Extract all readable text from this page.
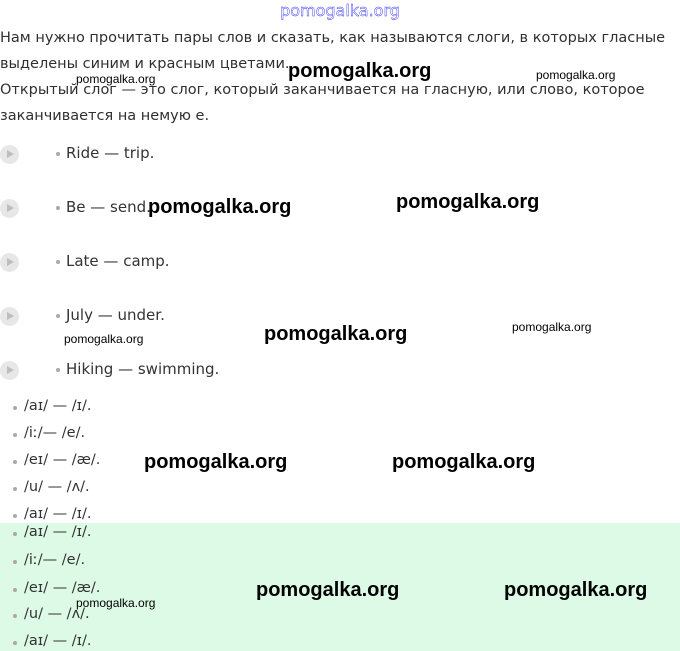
pomogalka.org
Нам нужно прочитать пары слов и сказать, как называются слоги, в которых гласные
выделены синим и красным цветами.
Открытый слог — это слог, который заканчивается на гласную, или слово, которое
заканчивается на немую е.
Ride — trip.
Be — send.
Late — camp.
July — under.
Hiking — swimming.
/aɪ/ — /ɪ/.
/iː/— /e/.
/eɪ/ — /æ/.
/u/ — /ʌ/.
/aɪ/ — /ɪ/.
/aɪ/ — /ɪ/.
/iː/— /e/.
/eɪ/ — /æ/.
/u/ — /ʌ/.
/aɪ/ — /ɪ/.
pomogalka.org	pomogalka.org
pomogalka.org
pomogalka.org	pomogalka.org
pomogalka.org	pomogalka.org
pomogalka.org
pomogalka.org	pomogalka.org
pomogalka.org	pomogalka.org
pomogalka.org
